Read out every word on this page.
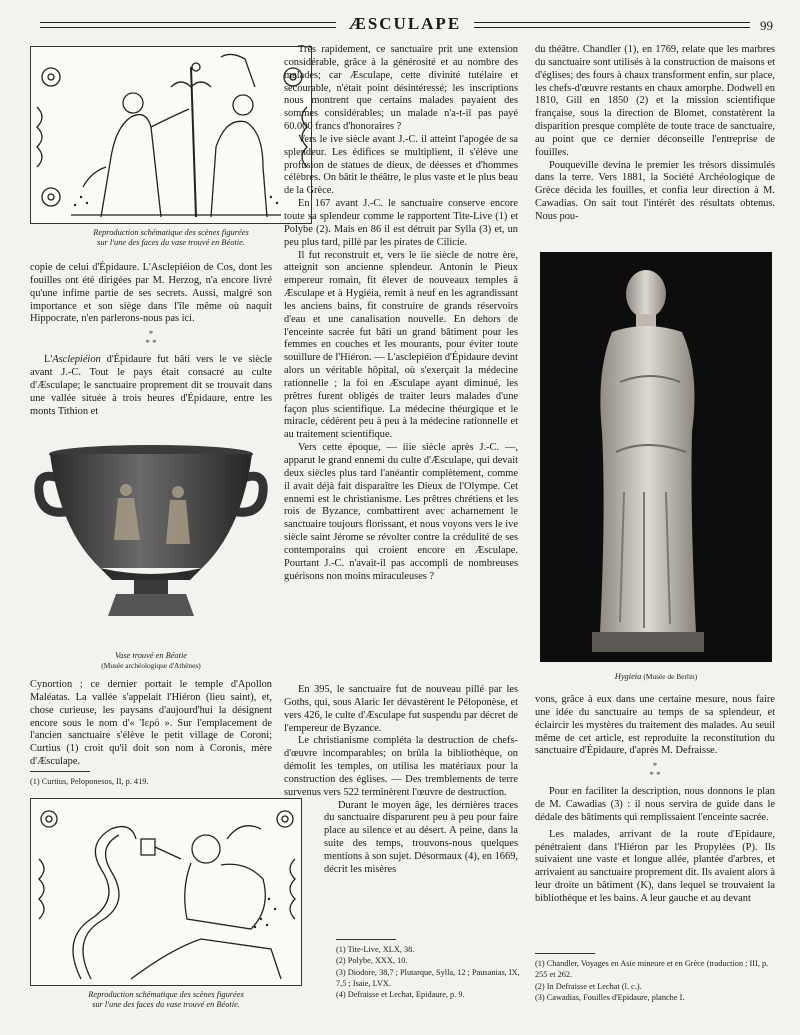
ÆSCULAPE	99
Reproduction schématique des scènes figurées
sur l'une des faces du vase trouvé en Béotie.

copie de celui d'Épidaure. L'Asclepiéion de Cos, dont les fouilles ont été dirigées par M. Herzog, n'a encore livré qu'une infime partie de ses secrets. Aussi, malgré son importance et son siège dans l'île même où naquit Hippocrate, n'en parlerons-nous pas ici.

*
* *

L'Asclepiéion d'Épidaure fut bâti vers le ve siècle avant J.-C. Tout le pays était consacré au culte d'Æsculape; le sanctuaire proprement dit se trouvait dans une vallée située à trois heures d'Épidaure, entre les monts Tithion et

Vase trouvé en Béotie
(Musée archéologique d'Athènes)

Cynortion ; ce dernier portait le temple d'Apollon Maléatas. La vallée s'appelait l'Hiéron (lieu saint), et, chose curieuse, les paysans d'aujourd'hui la désignent encore sous le nom d'« Ἱερό ». Sur l'emplacement de l'ancien sanctuaire s'élève le petit village de Coroni; Curtius (1) croit qu'il doit son nom à Coronis, mère d'Æsculape.

(1) Curtius, Peloponesos, II, p. 419.
Reproduction schématique des scènes figurées
sur l'une des faces du vase trouvé en Béotie.

Très rapidement, ce sanctuaire prit une extension considérable, grâce à la générosité et au nombre des malades; car Æsculape, cette divinité tutélaire et secourable, n'était point désintéressé; les inscriptions nous montrent que certains malades payaient des sommes considérables; un malade n'a-t-il pas payé 60.000 francs d'honoraires ?

Vers le ive siècle avant J.-C. il atteint l'apogée de sa splendeur. Les édifices se multiplient, il s'élève une profusion de statues de dieux, de déesses et d'hommes célèbres. On bâtit le théâtre, le plus vaste et le plus beau de la Grèce.

En 167 avant J.-C. le sanctuaire conserve encore toute sa splendeur comme le rapportent Tite-Live (1) et Polybe (2). Mais en 86 il est détruit par Sylla (3) et, un peu plus tard, pillé par les pirates de Cilicie.

Il fut reconstruit et, vers le iie siècle de notre ère, atteignit son ancienne splendeur. Antonin le Pieux empereur romain, fit élever de nouveaux temples à Æsculape et à Hygiéia, remit à neuf en les agrandissant les anciens bains, fit construire de grands réservoirs d'eau et une canalisation nouvelle. En dehors de l'enceinte sacrée fut bâti un grand bâtiment pour les femmes en couches et les mourants, pour éviter toute souillure de l'Hiéron. — L'asclepiéion d'Épidaure devint alors un véritable hôpital, où s'exerçait la médecine rationnelle ; la foi en Æsculape ayant diminué, les prêtres furent obligés de traiter leurs malades d'une façon plus scientifique. La médecine théurgique et le miracle, cédèrent peu à peu à la médecine rationnelle et au traitement scientifique.

Vers cette époque, — iiie siècle après J.-C. —, apparut le grand ennemi du culte d'Æsculape, qui devait deux siècles plus tard l'anéantir complètement, comme il avait déjà fait disparaître les Dieux de l'Olympe. Cet ennemi est le christianisme. Les prêtres chrétiens et les rois de Byzance, combattirent avec acharnement le sanctuaire toujours florissant, et nous voyons vers le ive siècle saint Jérome se révolter contre la crédulité de ses contemporains qui croient encore en Æsculape. Pourtant J.-C. n'avait-il pas accompli de nombreuses guérisons non moins miraculeuses ?

En 395, le sanctuaire fut de nouveau pillé par les Goths, qui, sous Alaric Ier dévastèrent le Péloponèse, et vers 426, le culte d'Æsculape fut suspendu par décret de l'empereur de Byzance.

Le christianisme compléta la destruction de chefs-d'œuvre incomparables; on brûla la bibliothèque, on démolit les temples, on utilisa les matériaux pour la construction des églises. — Des tremblements de terre survenus vers 522 terminèrent l'œuvre de destruction.

Durant le moyen âge, les dernières traces du sanctuaire disparurent peu à peu pour faire place au silence et au désert. A peine, dans la suite des temps, trouvons-nous quelques mentions à son sujet. Désormaux (4), en 1669, décrit les misères

(1) Tite-Live, XLX, 38.
(2) Polybe, XXX, 10.
(3) Diodore, 38,7 ; Plutarque, Sylla, 12 ; Pausanias, IX, 7,5 ; Isaie, LVX.
(4) Defraisse et Lechat, Epidaure, p. 9.

du théâtre. Chandler (1), en 1769, relate que les marbres du sanctuaire sont utilisés à la construction de maisons et d'églises; des fours à chaux transforment enfin, sur place, les chefs-d'œuvre restants en chaux amorphe. Dodwell en 1810, Gill en 1850 (2) et la mission scientifique française, sous la direction de Blomet, constatèrent la disparition presque complète de toute trace de sanctuaire, au point que ce dernier déconseille l'entreprise de fouilles.

Pouqueville devina le premier les trésors dissimulés dans la terre. Vers 1881, la Société Archéologique de Grèce décida les fouilles, et confia leur direction à M. Cawadias. On sait tout l'intérêt des résultats obtenus. Nous pou-

Hygieia (Musée de Berlin)

vons, grâce à eux dans une certaine mesure, nous faire une idée du sanctuaire au temps de sa splendeur, et éclaircir les mystères du traitement des malades. Au seuil même de cet article, est reproduite la reconstitution du sanctuaire d'Épidaure, d'après M. Defraisse.

*
* *

Pour en faciliter la description, nous donnons le plan de M. Cawadias (3) : il nous servira de guide dans le dédale des bâtiments qui remplissaient l'enceinte sacrée.

Les malades, arrivant de la route d'Epidaure, pénétraient dans l'Hiéron par les Propylées (P). Ils suivaient une vaste et longue allée, plantée d'arbres, et arrivaient au sanctuaire proprement dit. Ils avaient alors à leur droite un bâtiment (K), dans lequel se trouvaient la bibliothèque et les bains. A leur gauche et au devant

(1) Chandler, Voyages en Asie mineure et en Grèce (traduction ; III, p. 255 et 262.
(2) In Defraisse et Lechat (l. c.).
(3) Cawadias, Fouilles d'Epidaure, planche I.
